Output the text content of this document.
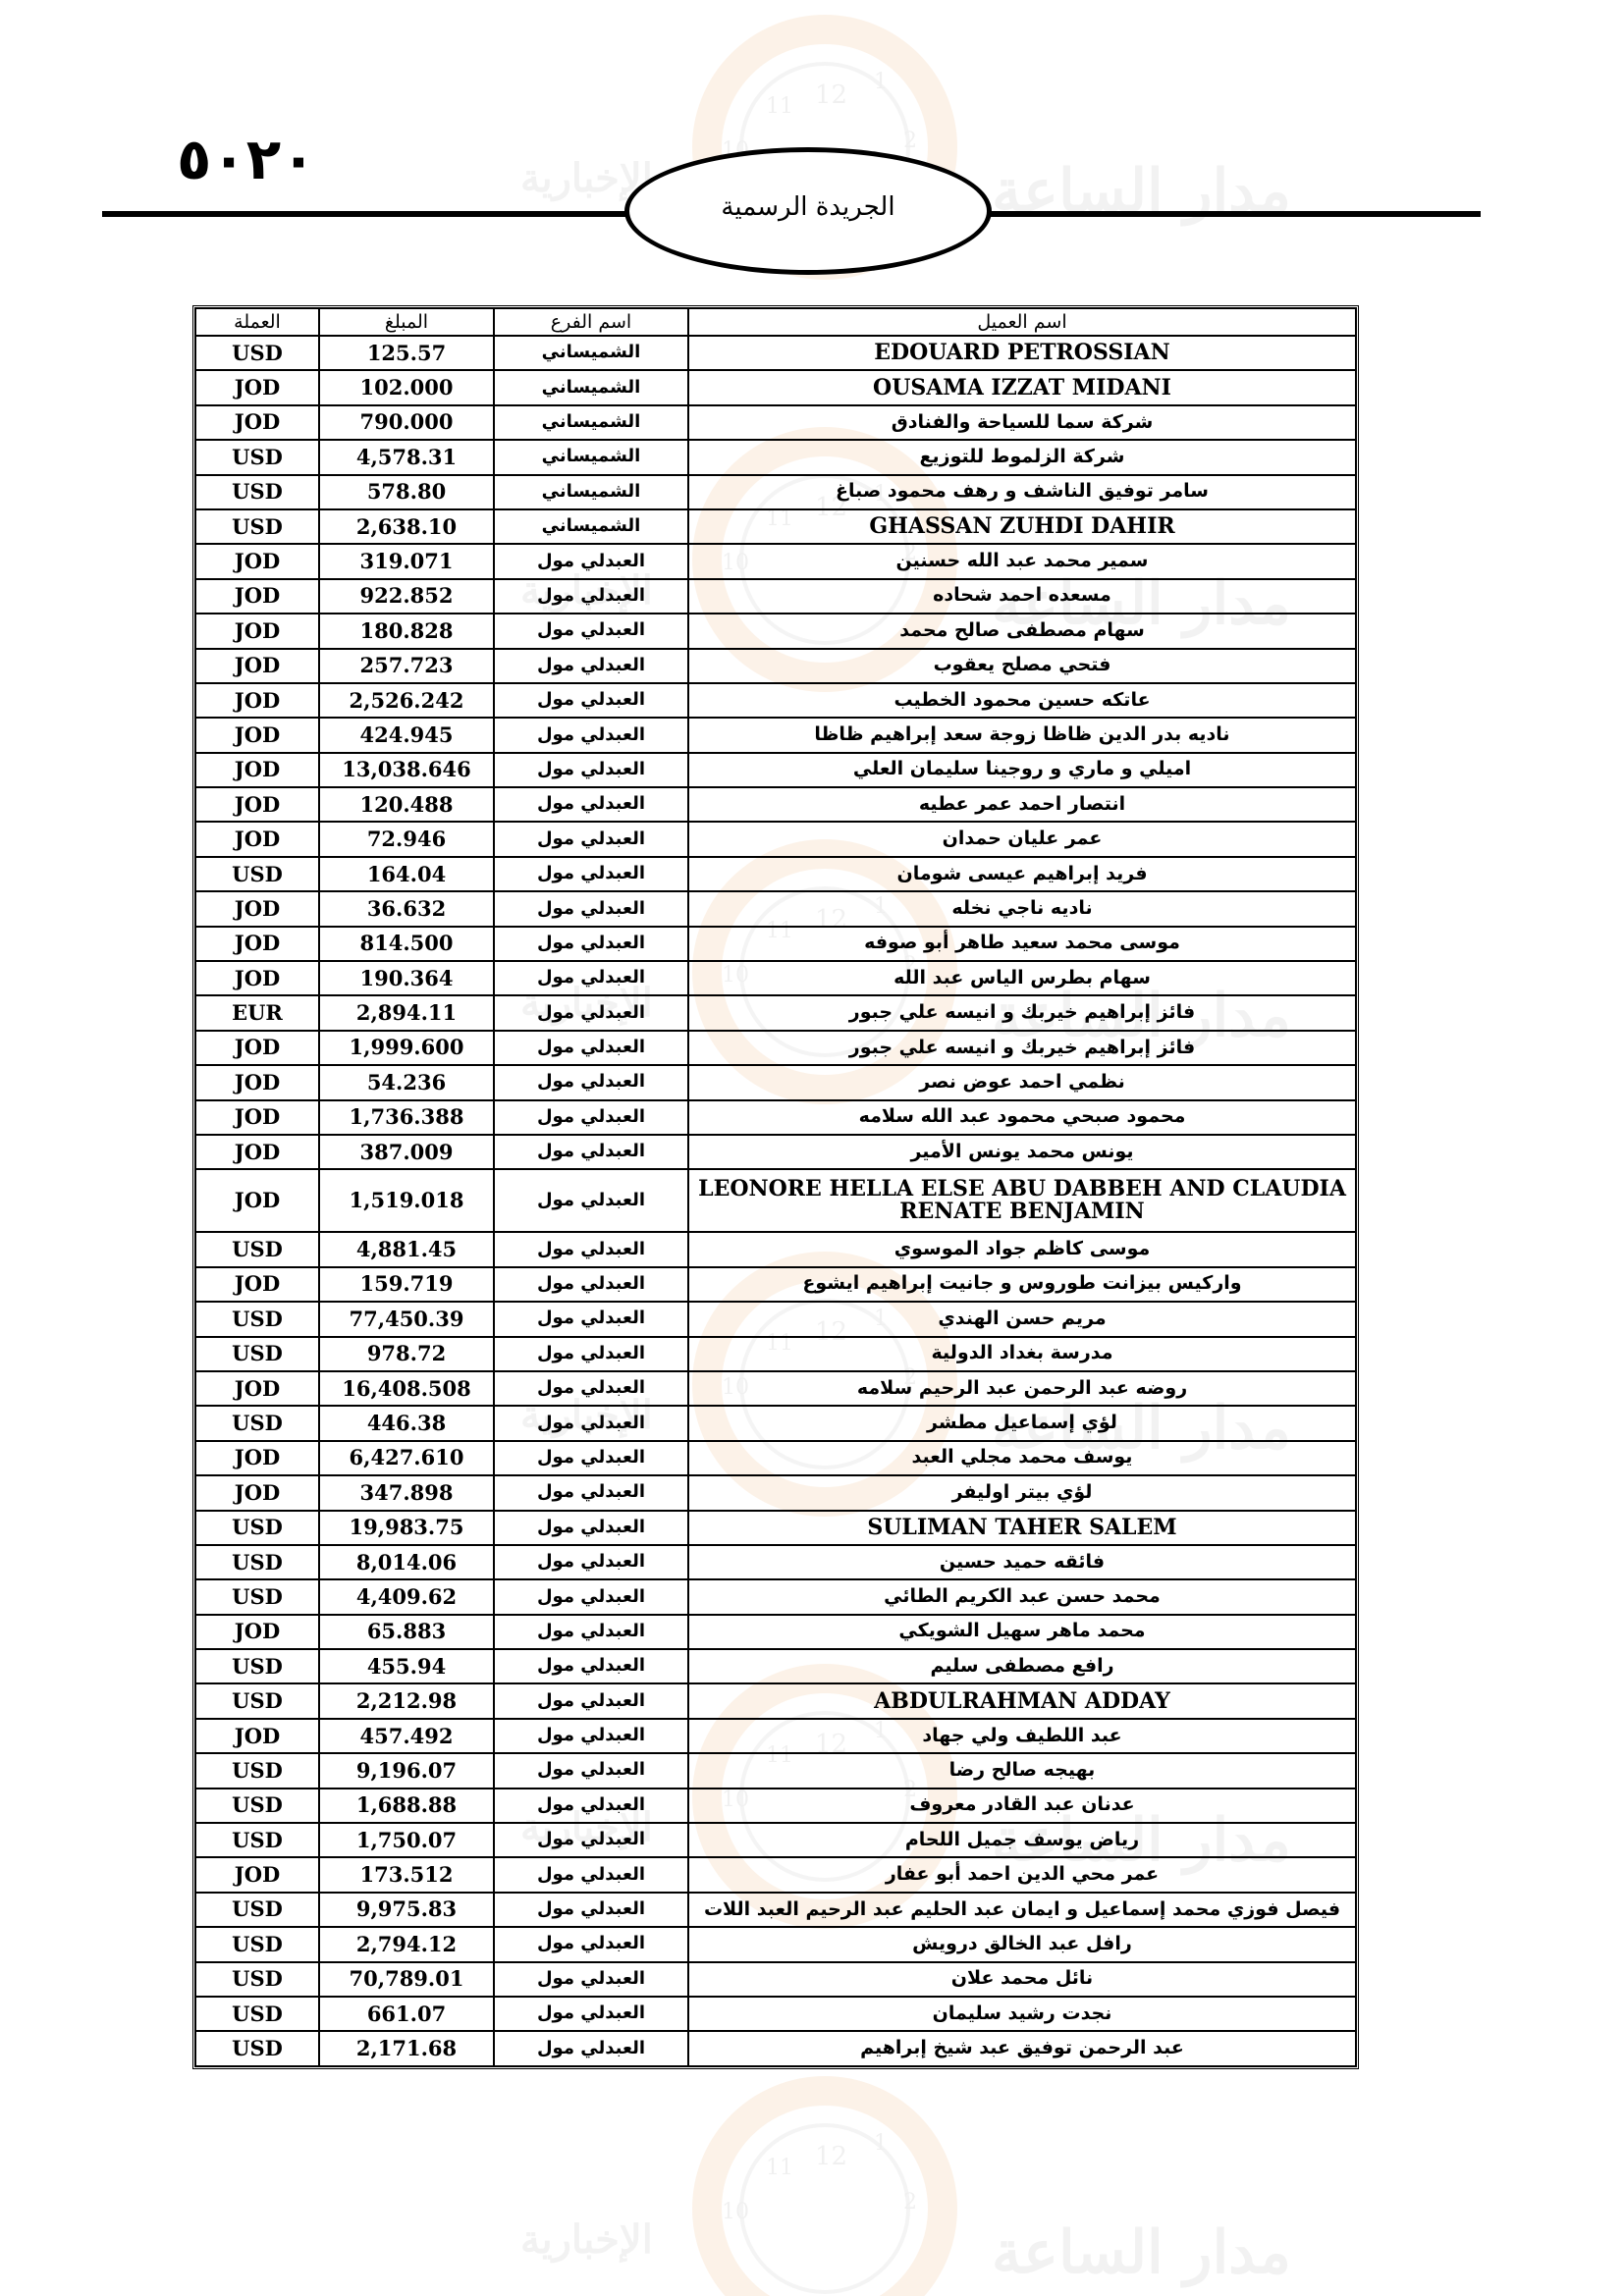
12 1
2
11
10
الإخبارية	مدار الساعة
٥٠٢٠
الجريدة الرسمية
العملة	المبلغ	اسم الفرع	اسم العميل
USD	125.57	الشميساني	EDOUARD PETROSSIAN
JOD	102.000	الشميساني	OUSAMA IZZAT MIDANI
JOD	790.000	الشميساني	شركة سما للسياحة والفنادق
USD	4,578.31	الشميساني	شركة الزلموط للتوزيع
USD	578.80	الشميساني	سامر توفيق الناشف و رهف محمود صباغ
USD	2,638.10	الشميساني	GHASSAN ZUHDI DAHIR
JOD	319.071	العبدلي مول	سمير محمد عبد الله حسنين
JOD	922.852	العبدلي مول	مسعده احمد شحاده
JOD	180.828	العبدلي مول	سهام مصطفى صالح محمد
JOD	257.723	العبدلي مول	فتحي مصلح يعقوب
JOD	2,526.242	العبدلي مول	عاتكه حسين محمود الخطيب
JOD	424.945	العبدلي مول	ناديه بدر الدين ظاظا زوجة سعد إبراهيم ظاظا
JOD	13,038.646	العبدلي مول	اميلي و ماري و روجينا سليمان العلي
JOD	120.488	العبدلي مول	انتصار احمد عمر عطيه
JOD	72.946	العبدلي مول	عمر عليان حمدان
USD	164.04	العبدلي مول	فريد إبراهيم عيسى شومان
JOD	36.632	العبدلي مول	ناديه ناجي نخله
JOD	814.500	العبدلي مول	موسى محمد سعيد طاهر أبو صوفه
JOD	190.364	العبدلي مول	سهام بطرس الياس عبد الله
EUR	2,894.11	العبدلي مول	فائز إبراهيم خيربك و انيسه علي جبور
JOD	1,999.600	العبدلي مول	فائز إبراهيم خيربك و انيسه علي جبور
JOD	54.236	العبدلي مول	نظمي احمد عوض نصر
JOD	1,736.388	العبدلي مول	محمود صبحي محمود عبد الله سلامه
JOD	387.009	العبدلي مول	يونس محمد يونس الأمير
JOD	1,519.018	العبدلي مول	LEONORE HELLA ELSE ABU DABBEH AND CLAUDIA RENATE BENJAMIN
USD	4,881.45	العبدلي مول	موسى كاظم جواد الموسوي
JOD	159.719	العبدلي مول	واركيس بيزانت طوروس و جانيت إبراهيم ايشوع
USD	77,450.39	العبدلي مول	مريم حسن الهندي
USD	978.72	العبدلي مول	مدرسة بغداد الدولية
JOD	16,408.508	العبدلي مول	روضه عبد الرحمن عبد الرحيم سلامه
USD	446.38	العبدلي مول	لؤي إسماعيل مطشر
JOD	6,427.610	العبدلي مول	يوسف محمد مجلي العبد
JOD	347.898	العبدلي مول	لؤي بيتر اوليفر
USD	19,983.75	العبدلي مول	SULIMAN TAHER SALEM
USD	8,014.06	العبدلي مول	فائقه حميد حسين
USD	4,409.62	العبدلي مول	محمد حسن عبد الكريم الطائي
JOD	65.883	العبدلي مول	محمد ماهر سهيل الشويكي
USD	455.94	العبدلي مول	رافع مصطفى سليم
USD	2,212.98	العبدلي مول	ABDULRAHMAN ADDAY
JOD	457.492	العبدلي مول	عبد اللطيف ولي جهاد
USD	9,196.07	العبدلي مول	بهيجه صالح رضا
USD	1,688.88	العبدلي مول	عدنان عبد القادر معروف
USD	1,750.07	العبدلي مول	رياض يوسف جميل اللحام
JOD	173.512	العبدلي مول	عمر محي الدين احمد أبو عفار
USD	9,975.83	العبدلي مول	فيصل فوزي محمد إسماعيل و ايمان عبد الحليم عبد الرحيم العبد اللات
USD	2,794.12	العبدلي مول	رافل عبد الخالق درويش
USD	70,789.01	العبدلي مول	نائل محمد علان
USD	661.07	العبدلي مول	نجدت رشيد سليمان
USD	2,171.68	العبدلي مول	عبد الرحمن توفيق عبد شيخ إبراهيم
